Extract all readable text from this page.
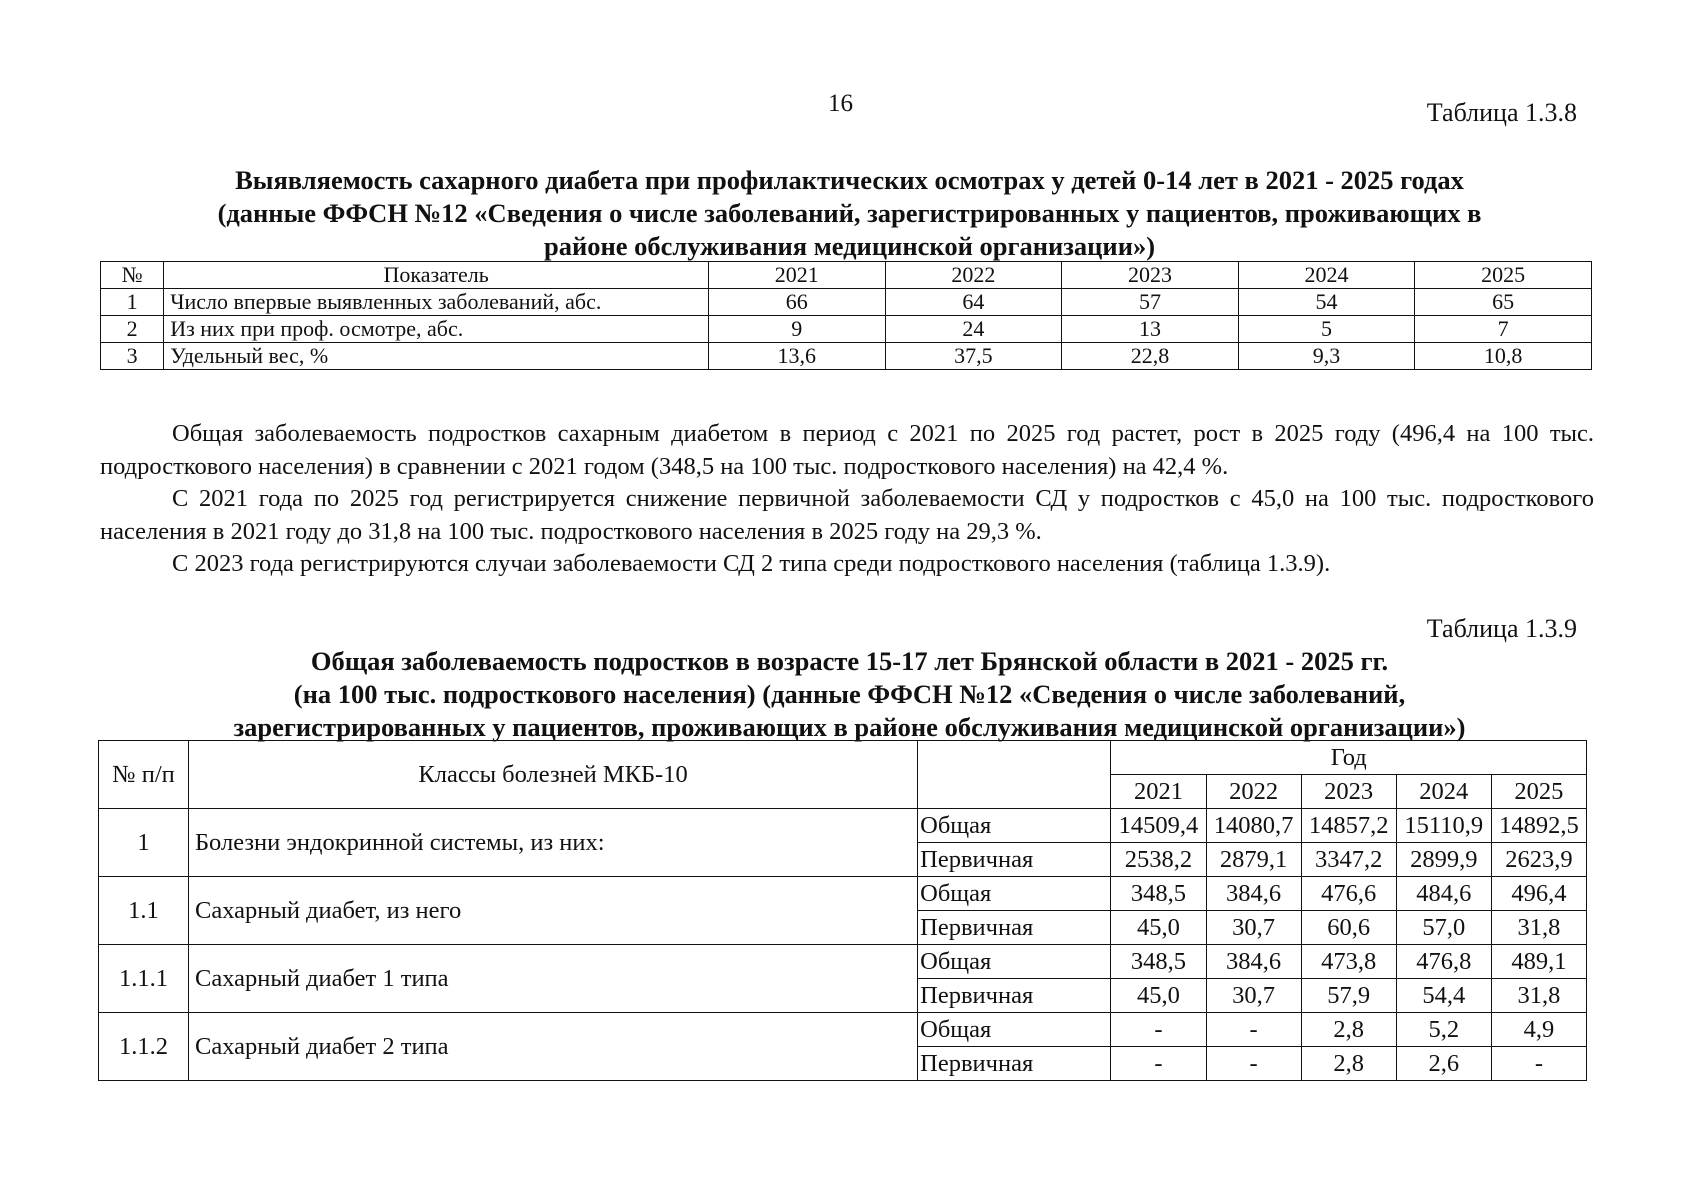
16	Таблица 1.3.8
Выявляемость сахарного диабета при профилактических осмотрах у детей 0-14 лет в 2021 - 2025 годах
(данные ФФСН №12 «Сведения о числе заболеваний, зарегистрированных у пациентов, проживающих в
районе обслуживания медицинской организации»)
№	Показатель	2021	2022	2023	2024	2025
1	Число впервые выявленных заболеваний, абс.	66	64	57	54	65
2	Из них при проф. осмотре, абс.	9	24	13	5	7
3	Удельный вес, %	13,6	37,5	22,8	9,3	10,8

Общая заболеваемость подростков сахарным диабетом в период с 2021 по 2025 год растет, рост в 2025 году (496,4 на 100 тыс. подросткового населения) в сравнении с 2021 годом (348,5 на 100 тыс. подросткового населения) на 42,4 %.

С 2021 года по 2025 год регистрируется снижение первичной заболеваемости СД у подростков с 45,0 на 100 тыс. подросткового населения в 2021 году до 31,8 на 100 тыс. подросткового населения в 2025 году на 29,3 %.

С 2023 года регистрируются случаи заболеваемости СД 2 типа среди подросткового населения (таблица 1.3.9).

Таблица 1.3.9
Общая заболеваемость подростков в возрасте 15-17 лет Брянской области в 2021 - 2025 гг.
(на 100 тыс. подросткового населения) (данные ФФСН №12 «Сведения о числе заболеваний,
зарегистрированных у пациентов, проживающих в районе обслуживания медицинской организации»)
№ п/п	Классы болезней МКБ-10		Год				
			2021	2022	2023	2024	2025
1	Болезни эндокринной системы, из них:	Общая	14509,4	14080,7	14857,2	15110,9	14892,5
		Первичная	2538,2	2879,1	3347,2	2899,9	2623,9
1.1	Сахарный диабет, из него	Общая	348,5	384,6	476,6	484,6	496,4
		Первичная	45,0	30,7	60,6	57,0	31,8
1.1.1	Сахарный диабет 1 типа	Общая	348,5	384,6	473,8	476,8	489,1
		Первичная	45,0	30,7	57,9	54,4	31,8
1.1.2	Сахарный диабет 2 типа	Общая	-	-	2,8	5,2	4,9
		Первичная	-	-	2,8	2,6	-
